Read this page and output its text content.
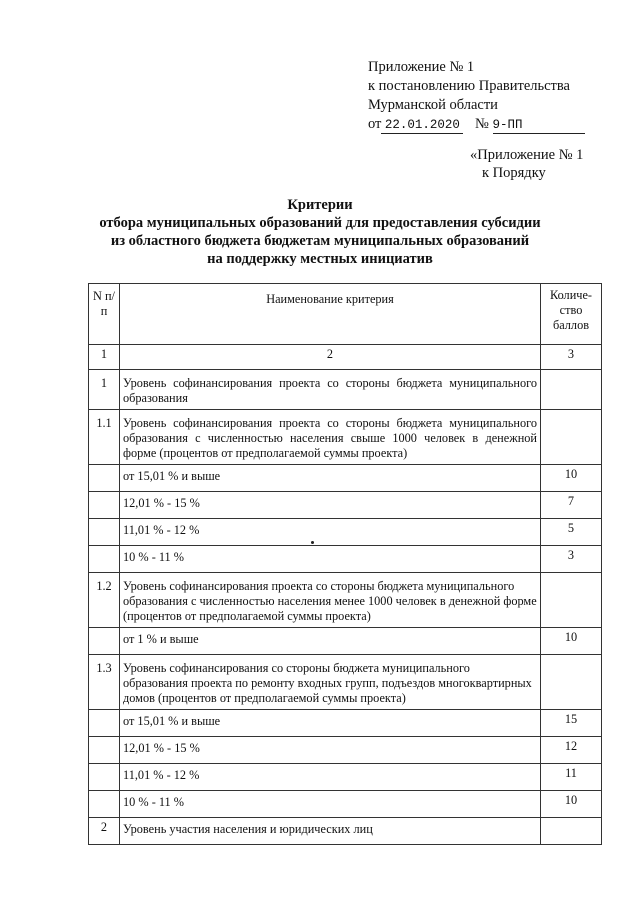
Приложение № 1
к постановлению Правительства
Мурманской области
от 22.01.2020 № 9-ПП
«Приложение № 1
к Порядку
Критерии
отбора муниципальных образований для предоставления субсидии
из областного бюджета бюджетам муниципальных образований
на поддержку местных инициатив
N п/п	Наименование критерия	Количе-ство баллов
1	2	3
1	Уровень софинансирования проекта со стороны бюджета муниципального образования	
1.1	Уровень софинансирования проекта со стороны бюджета муниципального образования с численностью населения свыше 1000 человек в денежной форме (процентов от предполагаемой суммы проекта)	
	от 15,01 % и выше	10
	12,01 % - 15 %	7
	11,01 % - 12 %	5
	10 % - 11 %	3
1.2	Уровень софинансирования проекта со стороны бюджета муниципального образования с численностью населения менее 1000 человек в денежной форме (процентов от предполагаемой суммы проекта)	
	от 1 % и выше	10
1.3	Уровень софинансирования со стороны бюджета муниципального образования проекта по ремонту входных групп, подъездов многоквартирных домов (процентов от предполагаемой суммы проекта)	
	от 15,01 % и выше	15
	12,01 % - 15 %	12
	11,01 % - 12 %	11
	10 % - 11 %	10
2	Уровень участия населения и юридических лиц	
